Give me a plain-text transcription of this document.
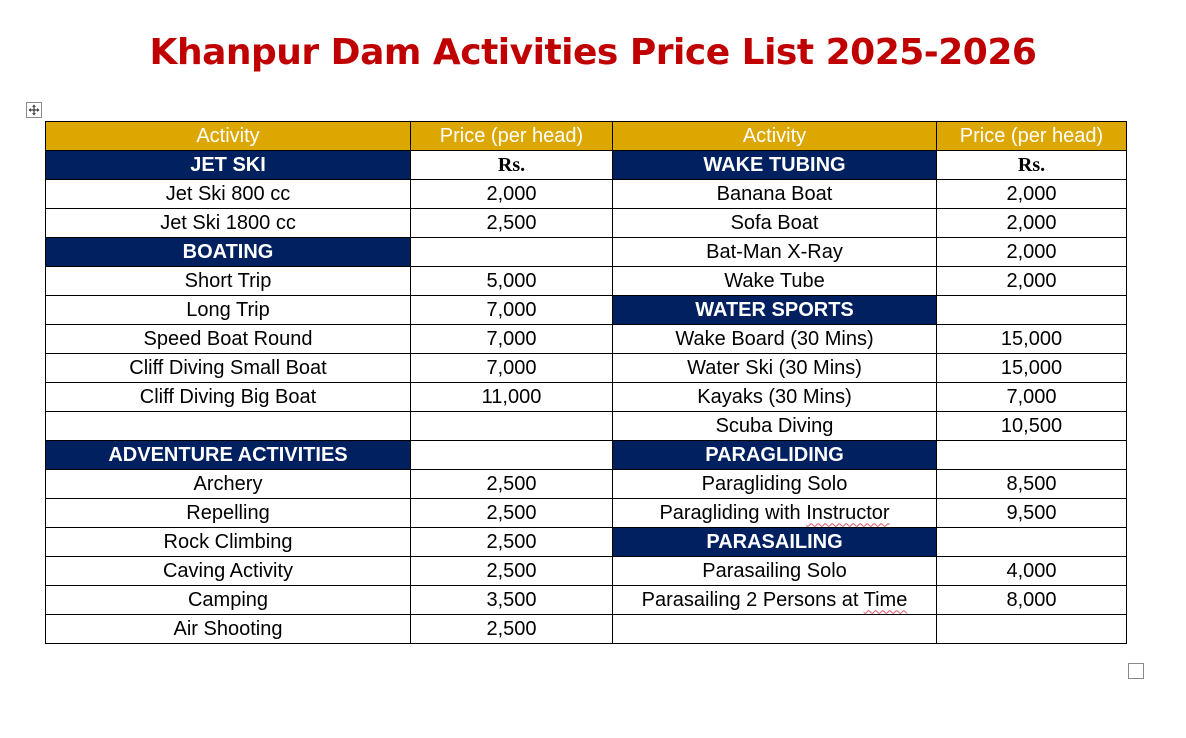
Khanpur Dam Activities Price List 2025-2026
Activity	Price (per head)	Activity	Price (per head)
JET SKI	Rs.	WAKE TUBING	Rs.
Jet Ski 800 cc	2,000	Banana Boat	2,000
Jet Ski 1800 cc	2,500	Sofa Boat	2,000
BOATING		Bat-Man X-Ray	2,000
Short Trip	5,000	Wake Tube	2,000
Long Trip	7,000	WATER SPORTS	
Speed Boat Round	7,000	Wake Board (30 Mins)	15,000
Cliff Diving Small Boat	7,000	Water Ski (30 Mins)	15,000
Cliff Diving Big Boat	11,000	Kayaks (30 Mins)	7,000
		Scuba Diving	10,500
ADVENTURE ACTIVITIES		PARAGLIDING	
Archery	2,500	Paragliding Solo	8,500
Repelling	2,500	Paragliding with Instructor	9,500
Rock Climbing	2,500	PARASAILING	
Caving Activity	2,500	Parasailing Solo	4,000
Camping	3,500	Parasailing 2 Persons at Time	8,000
Air Shooting	2,500		
